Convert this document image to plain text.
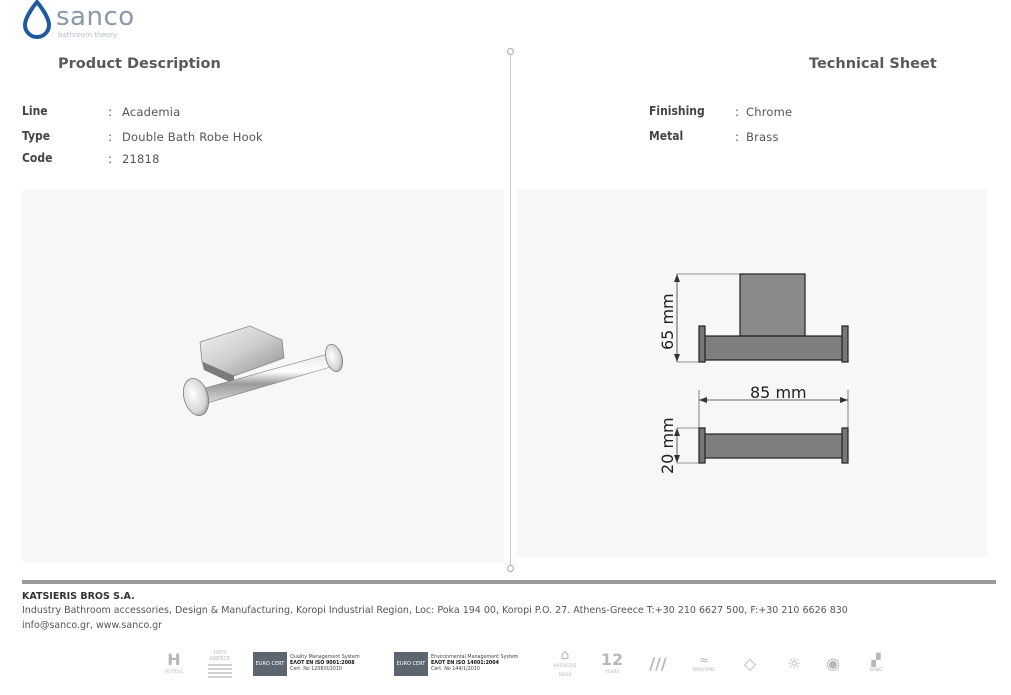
sanco
bathroom theory
Product Description	Technical Sheet
Line	: Academia
Type	: Double Bath Robe Hook
Code	: 21818
Finishing	: Chrome
Metal	: Brass
65 mm
85 mm
20 mm
KATSIERIS BROS S.A.
Industry Bathroom accessories, Design & Manufacturing, Koropi Industrial Region, Loc: Poka 194 00, Koropi P.O. 27. Athens-Greece T:+30 210 6627 500, F:+30 210 6626 830
info@sanco.gr, www.sanco.gr
H
HOTELS
100% GREECE
EURO CERT
Quality Management System
EΛOT EN ISO 9001:2008
Cert. No 1208/0/2010
EURO CERT
Environmental Management System
EΛOT EN ISO 14001:2004
Cert. No 144/1/2010
⌂
KATSIERIS BROS
12
YEARS ///	≈
MARITIME ◇ ☼ ◉	▞
NANO
